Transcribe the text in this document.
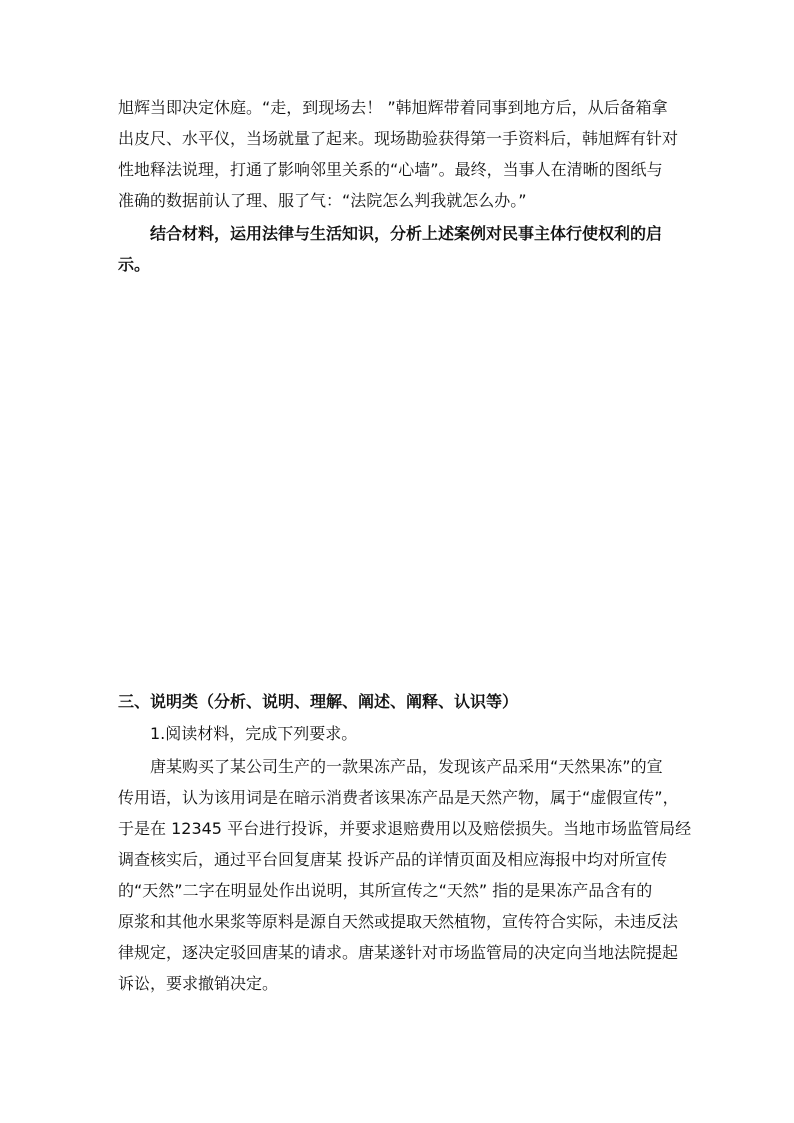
旭辉当即决定休庭。“走，到现场去！ ”韩旭辉带着同事到地方后，从后备箱拿
出皮尺、水平仪，当场就量了起来。现场勘验获得第一手资料后，韩旭辉有针对
性地释法说理，打通了影响邻里关系的“心墙”。最终，当事人在清晰的图纸与
准确的数据前认了理、服了气：“法院怎么判我就怎么办。”
结合材料，运用法律与生活知识，分析上述案例对民事主体行使权利的启
示。
三、说明类（分析、说明、理解、阐述、阐释、认识等）
1.阅读材料，完成下列要求。
唐某购买了某公司生产的一款果冻产品，发现该产品采用“天然果冻”的宣
传用语，认为该用词是在暗示消费者该果冻产品是天然产物，属于“虚假宣传”，
于是在 12345 平台进行投诉，并要求退赔费用以及赔偿损失。当地市场监管局经
调查核实后，通过平台回复唐某 投诉产品的详情页面及相应海报中均对所宣传
的“天然”二字在明显处作出说明，其所宣传之“天然” 指的是果冻产品含有的
原浆和其他水果浆等原料是源自天然或提取天然植物，宣传符合实际，未违反法
律规定，逐决定驳回唐某的请求。唐某遂针对市场监管局的决定向当地法院提起
诉讼，要求撤销决定。
